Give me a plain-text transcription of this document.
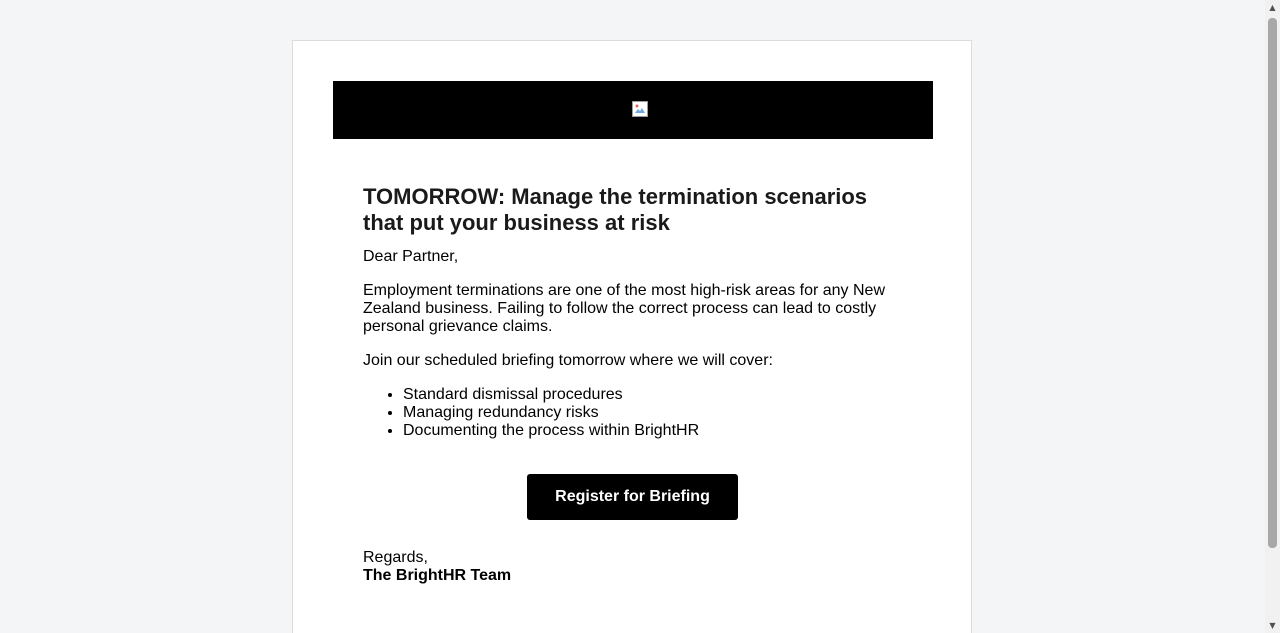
TOMORROW: Manage the termination scenarios that put your business at risk

Dear Partner,

Employment terminations are one of the most high-risk areas for any New Zealand business. Failing to follow the correct process can lead to costly personal grievance claims.

Join our scheduled briefing tomorrow where we will cover:

• Standard dismissal procedures
• Managing redundancy risks
• Documenting the process within BrightHR
Register for Briefing
Regards,
The BrightHR Team
▲
▼
